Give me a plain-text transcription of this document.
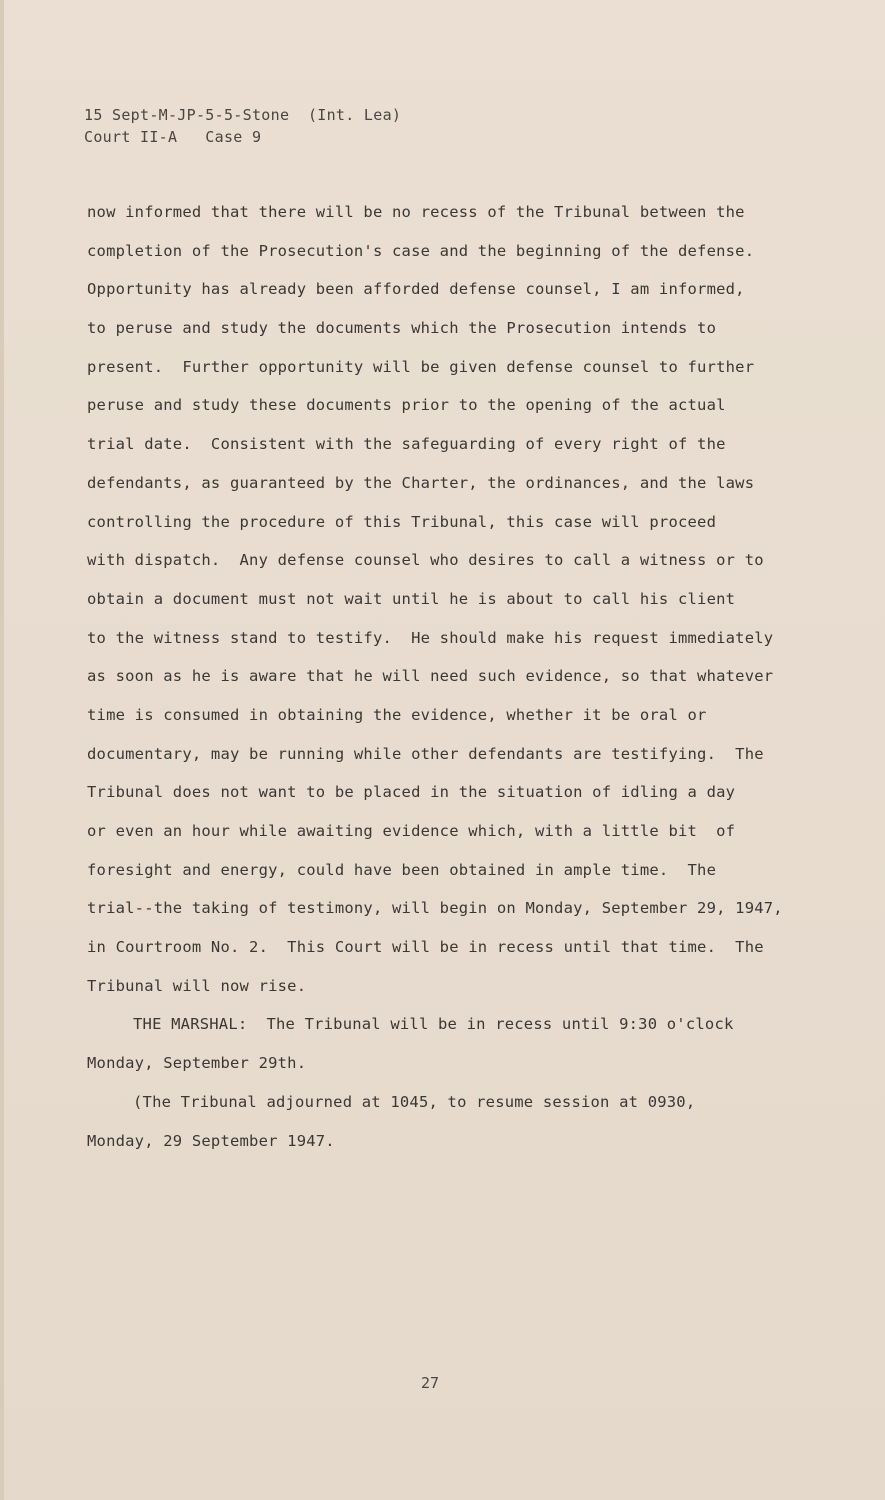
15 Sept-M-JP-5-5-Stone  (Int. Lea)
Court II-A   Case 9
now informed that there will be no recess of the Tribunal between the
completion of the Prosecution's case and the beginning of the defense.
Opportunity has already been afforded defense counsel, I am informed,
to peruse and study the documents which the Prosecution intends to
present.  Further opportunity will be given defense counsel to further
peruse and study these documents prior to the opening of the actual
trial date.  Consistent with the safeguarding of every right of the
defendants, as guaranteed by the Charter, the ordinances, and the laws
controlling the procedure of this Tribunal, this case will proceed
with dispatch.  Any defense counsel who desires to call a witness or to
obtain a document must not wait until he is about to call his client
to the witness stand to testify.  He should make his request immediately
as soon as he is aware that he will need such evidence, so that whatever
time is consumed in obtaining the evidence, whether it be oral or
documentary, may be running while other defendants are testifying.  The
Tribunal does not want to be placed in the situation of idling a day
or even an hour while awaiting evidence which, with a little bit  of
foresight and energy, could have been obtained in ample time.  The
trial--the taking of testimony, will begin on Monday, September 29, 1947,
in Courtroom No. 2.  This Court will be in recess until that time.  The
Tribunal will now rise.
THE MARSHAL:  The Tribunal will be in recess until 9:30 o'clock
Monday, September 29th.
(The Tribunal adjourned at 1045, to resume session at 0930,
Monday, 29 September 1947.
27
